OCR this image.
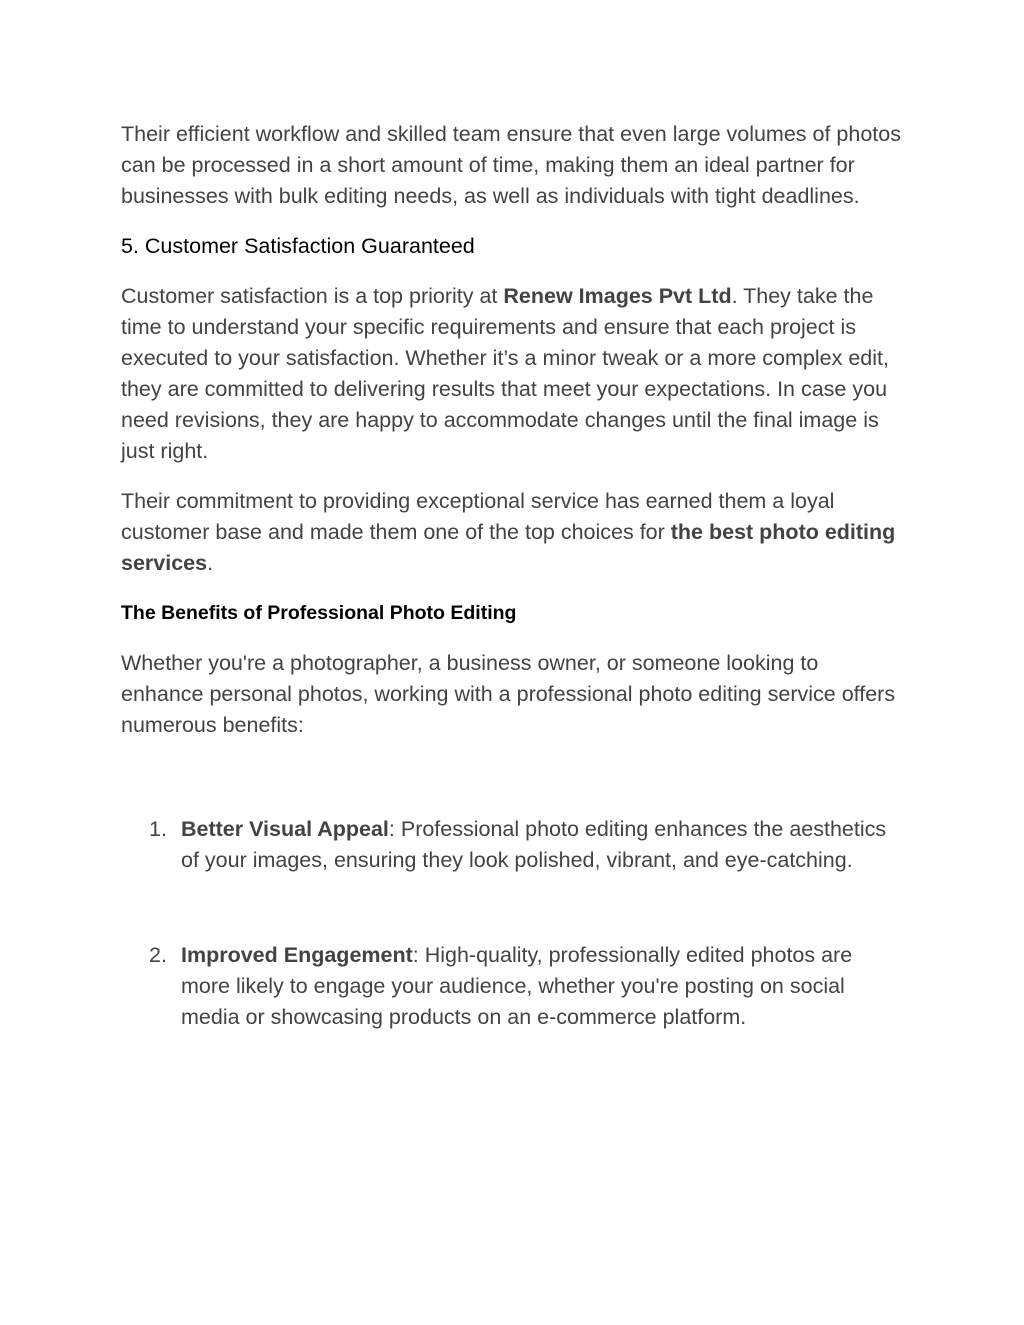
Their efficient workflow and skilled team ensure that even large volumes of photos can be processed in a short amount of time, making them an ideal partner for businesses with bulk editing needs, as well as individuals with tight deadlines.

5. Customer Satisfaction Guaranteed

Customer satisfaction is a top priority at Renew Images Pvt Ltd. They take the time to understand your specific requirements and ensure that each project is executed to your satisfaction. Whether it’s a minor tweak or a more complex edit, they are committed to delivering results that meet your expectations. In case you need revisions, they are happy to accommodate changes until the final image is just right.

Their commitment to providing exceptional service has earned them a loyal customer base and made them one of the top choices for the best photo editing services.

The Benefits of Professional Photo Editing

Whether you're a photographer, a business owner, or someone looking to enhance personal photos, working with a professional photo editing service offers numerous benefits:

1. Better Visual Appeal: Professional photo editing enhances the aesthetics of your images, ensuring they look polished, vibrant, and eye-catching.
2. Improved Engagement: High-quality, professionally edited photos are more likely to engage your audience, whether you're posting on social media or showcasing products on an e-commerce platform.
